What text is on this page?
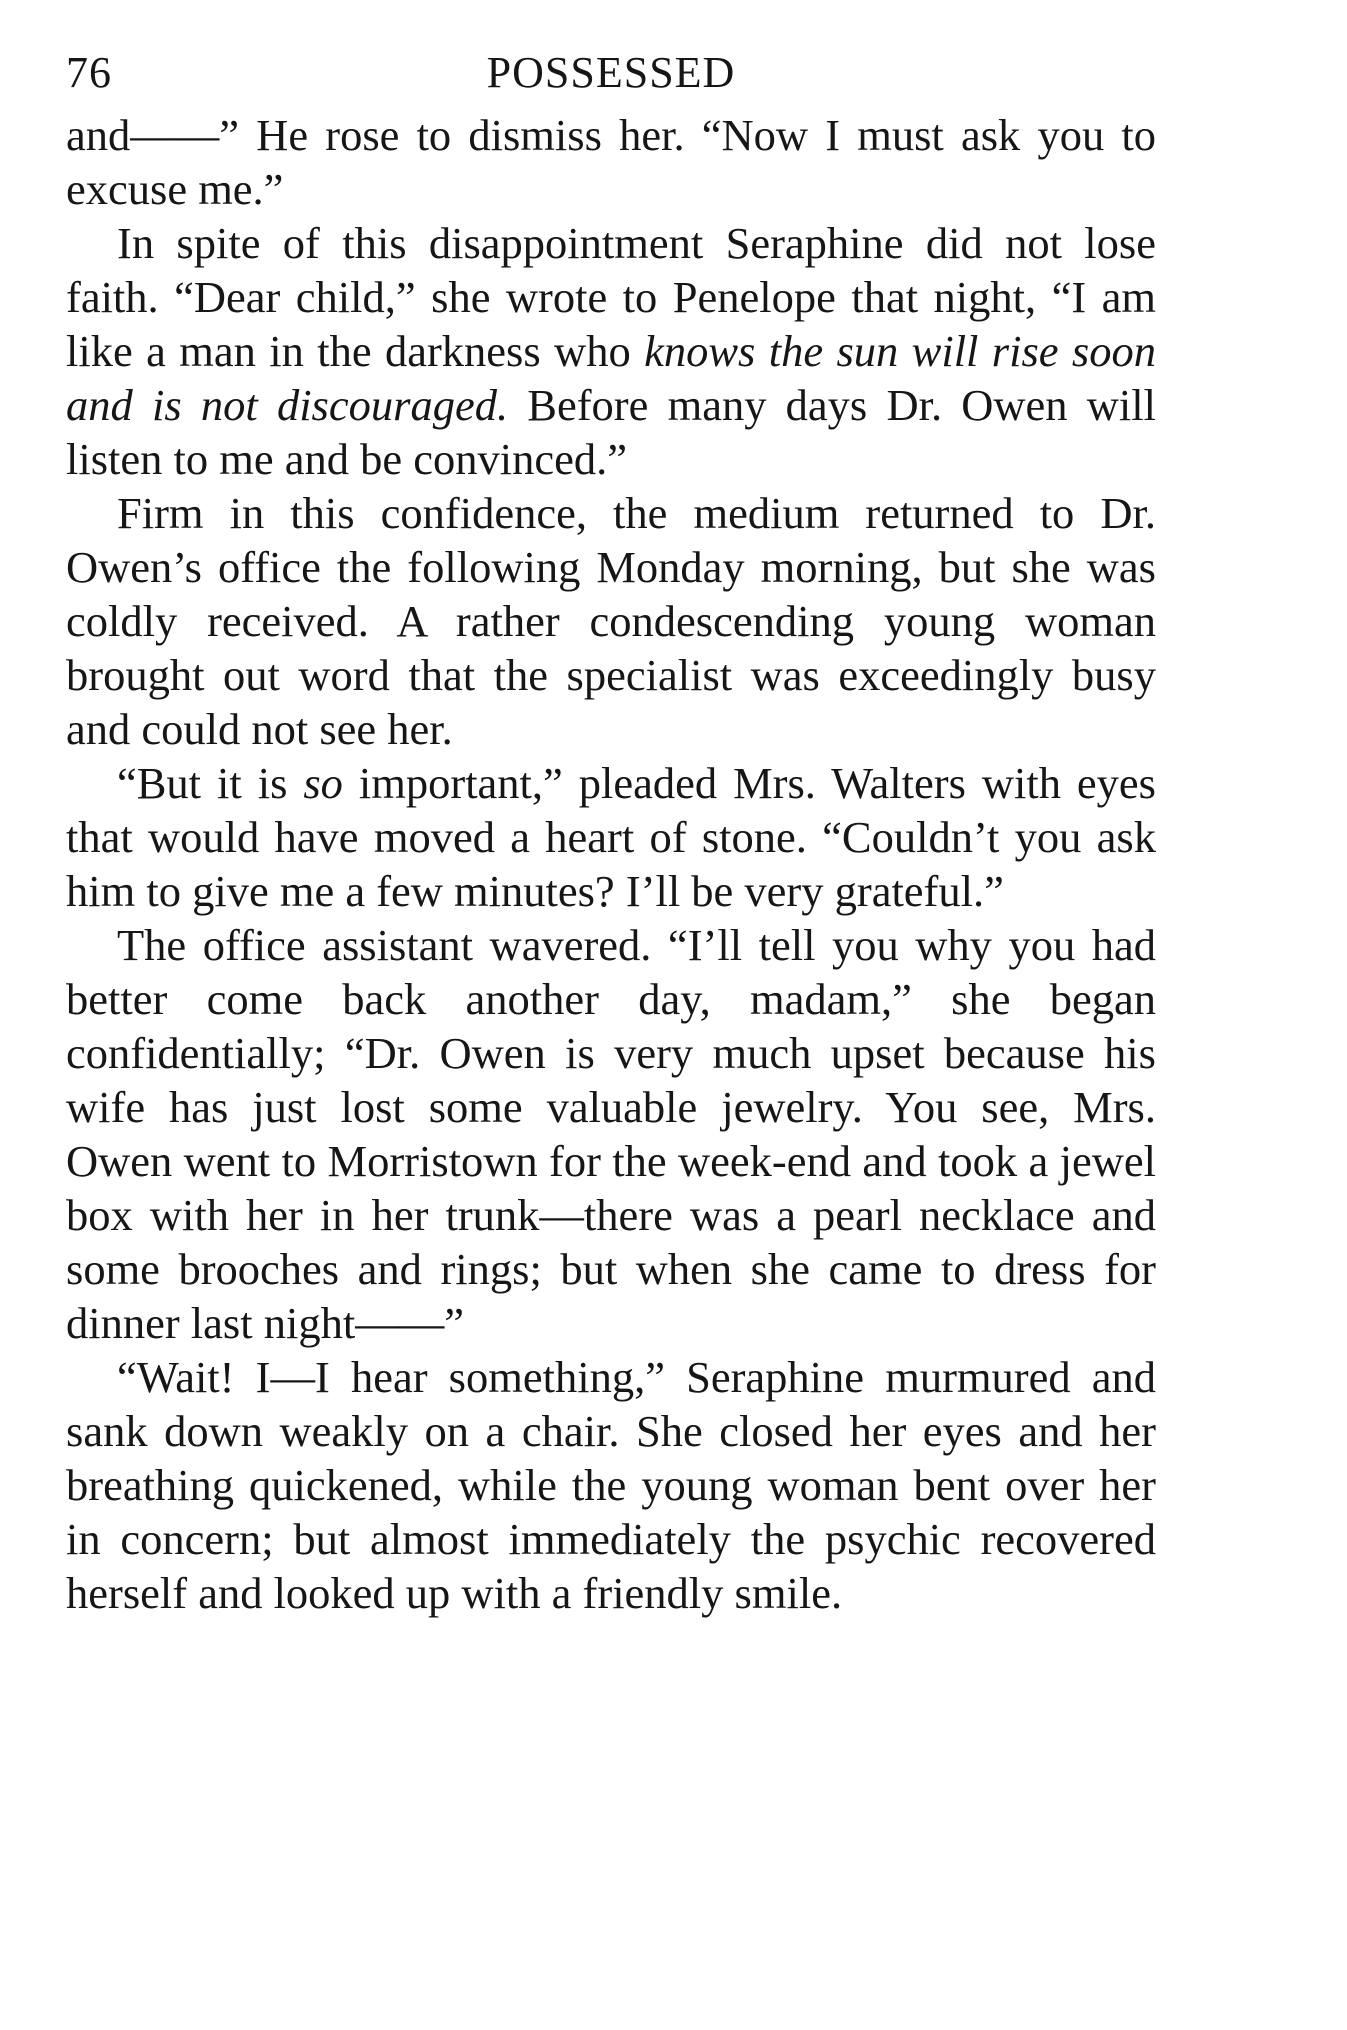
76	POSSESSED

and——” He rose to dismiss her. “Now I must ask you to excuse me.”

In spite of this disappointment Seraphine did not lose faith. “Dear child,” she wrote to Penelope that night, “I am like a man in the darkness who knows the sun will rise soon and is not discouraged. Before many days Dr. Owen will listen to me and be convinced.”

Firm in this confidence, the medium returned to Dr. Owen’s office the following Monday morning, but she was coldly received. A rather condescending young woman brought out word that the specialist was exceedingly busy and could not see her.

“But it is so important,” pleaded Mrs. Walters with eyes that would have moved a heart of stone. “Couldn’t you ask him to give me a few minutes? I’ll be very grateful.”

The office assistant wavered. “I’ll tell you why you had better come back another day, madam,” she began confidentially; “Dr. Owen is very much upset because his wife has just lost some valuable jewelry. You see, Mrs. Owen went to Morristown for the week-end and took a jewel box with her in her trunk—there was a pearl necklace and some brooches and rings; but when she came to dress for dinner last night——”

“Wait! I—I hear something,” Seraphine murmured and sank down weakly on a chair. She closed her eyes and her breathing quickened, while the young woman bent over her in concern; but almost immediately the psychic recovered herself and looked up with a friendly smile.
